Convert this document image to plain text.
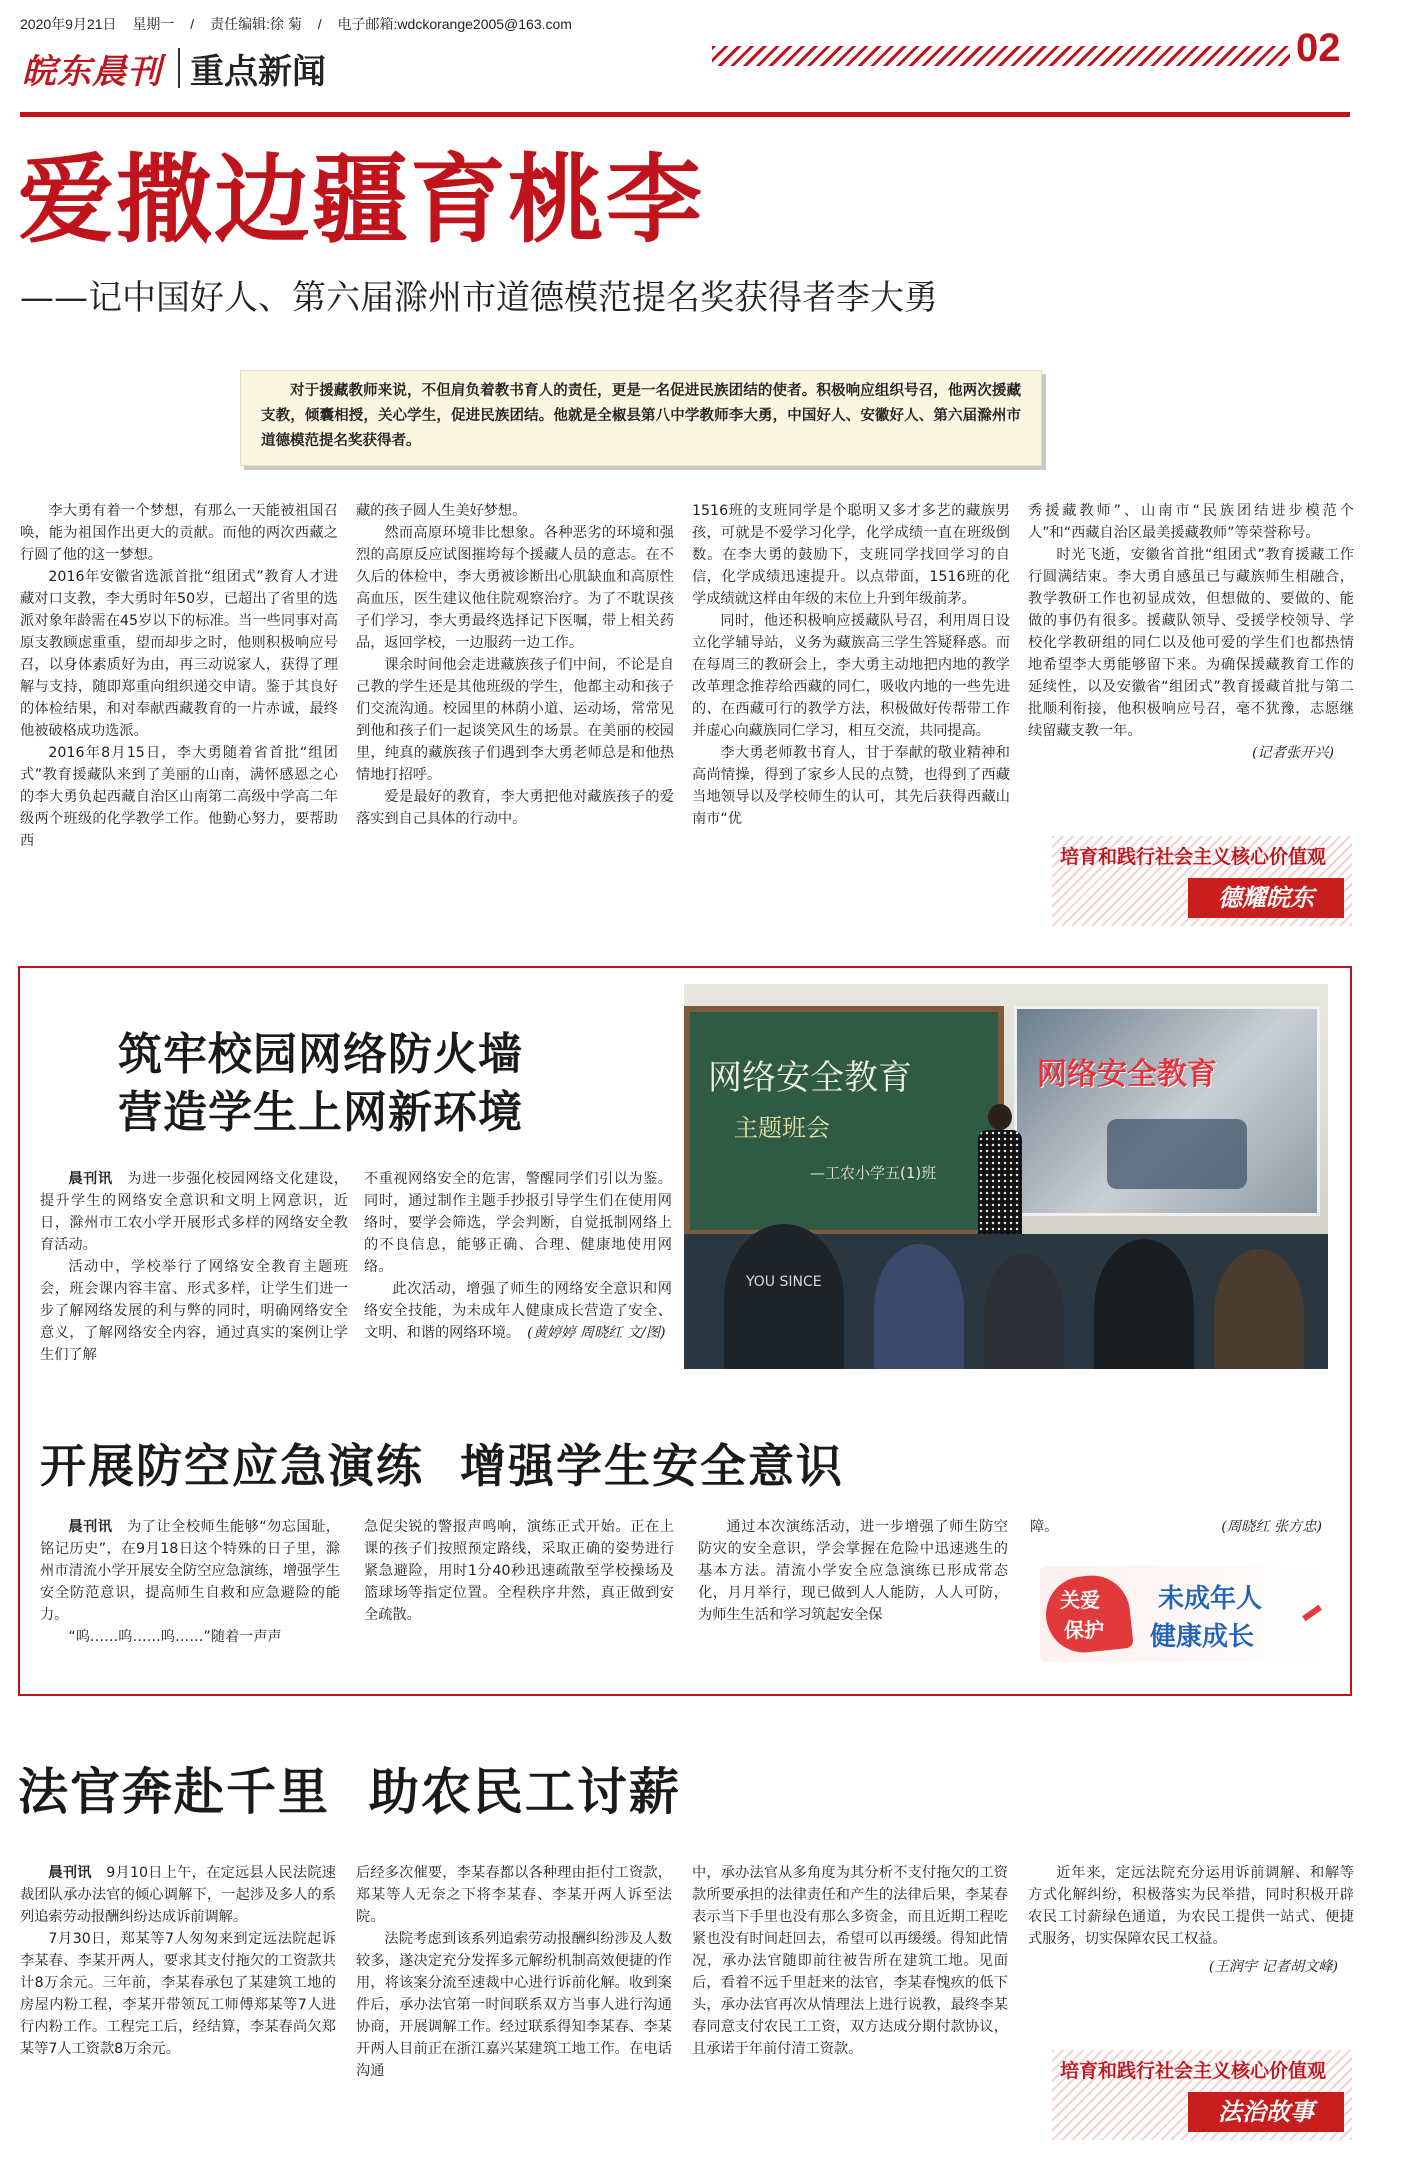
2020年9月21日 星期一 / 责任编辑:徐 菊 / 电子邮箱:wdckorange2005@163.com
皖东晨刊 重点新闻
02
爱撒边疆育桃李
——记中国好人、第六届滁州市道德模范提名奖获得者李大勇
对于援藏教师来说，不但肩负着教书育人的责任，更是一名促进民族团结的使者。积极响应组织号召，他两次援藏支教，倾囊相授，关心学生，促进民族团结。他就是全椒县第八中学教师李大勇，中国好人、安徽好人、第六届滁州市道德模范提名奖获得者。

李大勇有着一个梦想，有那么一天能被祖国召唤，能为祖国作出更大的贡献。而他的两次西藏之行圆了他的这一梦想。

2016年安徽省选派首批“组团式”教育人才进藏对口支教，李大勇时年50岁，已超出了省里的选派对象年龄需在45岁以下的标准。当一些同事对高原支教顾虑重重，望而却步之时，他则积极响应号召，以身体素质好为由，再三动说家人，获得了理解与支持，随即郑重向组织递交申请。鉴于其良好的体检结果，和对奉献西藏教育的一片赤诚，最终他被破格成功选派。

2016年8月15日，李大勇随着省首批“组团式”教育援藏队来到了美丽的山南，满怀感恩之心的李大勇负起西藏自治区山南第二高级中学高二年级两个班级的化学教学工作。他勤心努力，要帮助西

藏的孩子圆人生美好梦想。

然而高原环境非比想象。各种恶劣的环境和强烈的高原反应试图摧垮每个援藏人员的意志。在不久后的体检中，李大勇被诊断出心肌缺血和高原性高血压，医生建议他住院观察治疗。为了不耽误孩子们学习，李大勇最终选择记下医嘱，带上相关药品，返回学校，一边服药一边工作。

课余时间他会走进藏族孩子们中间，不论是自己教的学生还是其他班级的学生，他都主动和孩子们交流沟通。校园里的林荫小道、运动场，常常见到他和孩子们一起谈笑风生的场景。在美丽的校园里，纯真的藏族孩子们遇到李大勇老师总是和他热情地打招呼。

爱是最好的教育，李大勇把他对藏族孩子的爱落实到自己具体的行动中。

1516班的支班同学是个聪明又多才多艺的藏族男孩，可就是不爱学习化学，化学成绩一直在班级倒数。在李大勇的鼓励下，支班同学找回学习的自信，化学成绩迅速提升。以点带面，1516班的化学成绩就这样由年级的末位上升到年级前茅。

同时，他还积极响应援藏队号召，利用周日设立化学辅导站，义务为藏族高三学生答疑释惑。而在每周三的教研会上，李大勇主动地把内地的教学改革理念推荐给西藏的同仁，吸收内地的一些先进的、在西藏可行的教学方法，积极做好传帮带工作并虚心向藏族同仁学习，相互交流，共同提高。

李大勇老师教书育人，甘于奉献的敬业精神和高尚情操，得到了家乡人民的点赞，也得到了西藏当地领导以及学校师生的认可，其先后获得西藏山南市“优

秀援藏教师”、山南市“民族团结进步模范个人”和“西藏自治区最美援藏教师”等荣誉称号。

时光飞逝，安徽省首批“组团式”教育援藏工作行圆满结束。李大勇自感虽已与藏族师生相融合，教学教研工作也初显成效，但想做的、要做的、能做的事仍有很多。援藏队领导、受援学校领导、学校化学教研组的同仁以及他可爱的学生们也都热情地希望李大勇能够留下来。为确保援藏教育工作的延续性，以及安徽省“组团式”教育援藏首批与第二批顺利衔接，他积极响应号召，毫不犹豫，志愿继续留藏支教一年。

(记者张开兴)
培育和践行社会主义核心价值观
德耀皖东
筑牢校园网络防火墙
营造学生上网新环境

晨刊讯　 为进一步强化校园网络文化建设，提升学生的网络安全意识和文明上网意识，近日，滁州市工农小学开展形式多样的网络安全教育活动。

活动中，学校举行了网络安全教育主题班会，班会课内容丰富、形式多样，让学生们进一步了解网络发展的利与弊的同时，明确网络安全意义，了解网络安全内容，通过真实的案例让学生们了解

不重视网络安全的危害，警醒同学们引以为鉴。同时，通过制作主题手抄报引导学生们在使用网络时，要学会筛选，学会判断，自觉抵制网络上的不良信息，能够正确、合理、健康地使用网络。

此次活动，增强了师生的网络安全意识和网络安全技能，为未成年人健康成长营造了安全、文明、和谐的网络环境。　 (黄婷婷 周晓红 文/图)

网络安全教育
主题班会
—工农小学五(1)班
网络安全教育
YOU SINCE
开展防空应急演练  增强学生安全意识

晨刊讯　 为了让全校师生能够“勿忘国耻，铭记历史”，在9月18日这个特殊的日子里，滁州市清流小学开展安全防空应急演练，增强学生安全防范意识，提高师生自救和应急避险的能力。

“呜……呜……呜……”随着一声声

急促尖锐的警报声鸣响，演练正式开始。正在上课的孩子们按照预定路线，采取正确的姿势进行紧急避险，用时1分40秒迅速疏散至学校操场及篮球场等指定位置。全程秩序井然，真正做到安全疏散。

通过本次演练活动，进一步增强了师生防空防灾的安全意识，学会掌握在危险中迅速逃生的基本方法。清流小学安全应急演练已形成常态化，月月举行，现已做到人人能防，人人可防，为师生生活和学习筑起安全保

障。	(周晓红 张方忠)
关爱
保护
未成年人
健康成长
法官奔赴千里  助农民工讨薪

晨刊讯　 9月10日上午，在定远县人民法院速裁团队承办法官的倾心调解下，一起涉及多人的系列追索劳动报酬纠纷达成诉前调解。

7月30日，郑某等7人匆匆来到定远法院起诉李某春、李某开两人，要求其支付拖欠的工资款共计8万余元。三年前，李某春承包了某建筑工地的房屋内粉工程，李某开带领瓦工师傅郑某等7人进行内粉工作。工程完工后，经结算，李某春尚欠郑某等7人工资款8万余元。

后经多次催要，李某春都以各种理由拒付工资款，郑某等人无奈之下将李某春、李某开两人诉至法院。

法院考虑到该系列追索劳动报酬纠纷涉及人数较多，遂决定充分发挥多元解纷机制高效便捷的作用，将该案分流至速裁中心进行诉前化解。收到案件后，承办法官第一时间联系双方当事人进行沟通协商，开展调解工作。经过联系得知李某春、李某开两人目前正在浙江嘉兴某建筑工地工作。在电话沟通

中，承办法官从多角度为其分析不支付拖欠的工资款所要承担的法律责任和产生的法律后果，李某春表示当下手里也没有那么多资金，而且近期工程吃紧也没有时间赶回去，希望可以再缓缓。得知此情况，承办法官随即前往被告所在建筑工地。见面后，看着不远千里赶来的法官，李某春愧疚的低下头，承办法官再次从情理法上进行说教，最终李某春同意支付农民工工资，双方达成分期付款协议，且承诺于年前付清工资款。

近年来，定远法院充分运用诉前调解、和解等方式化解纠纷，积极落实为民举措，同时积极开辟农民工讨薪绿色通道，为农民工提供一站式、便捷式服务，切实保障农民工权益。

(王润宇 记者胡文峰)
培育和践行社会主义核心价值观
法治故事
